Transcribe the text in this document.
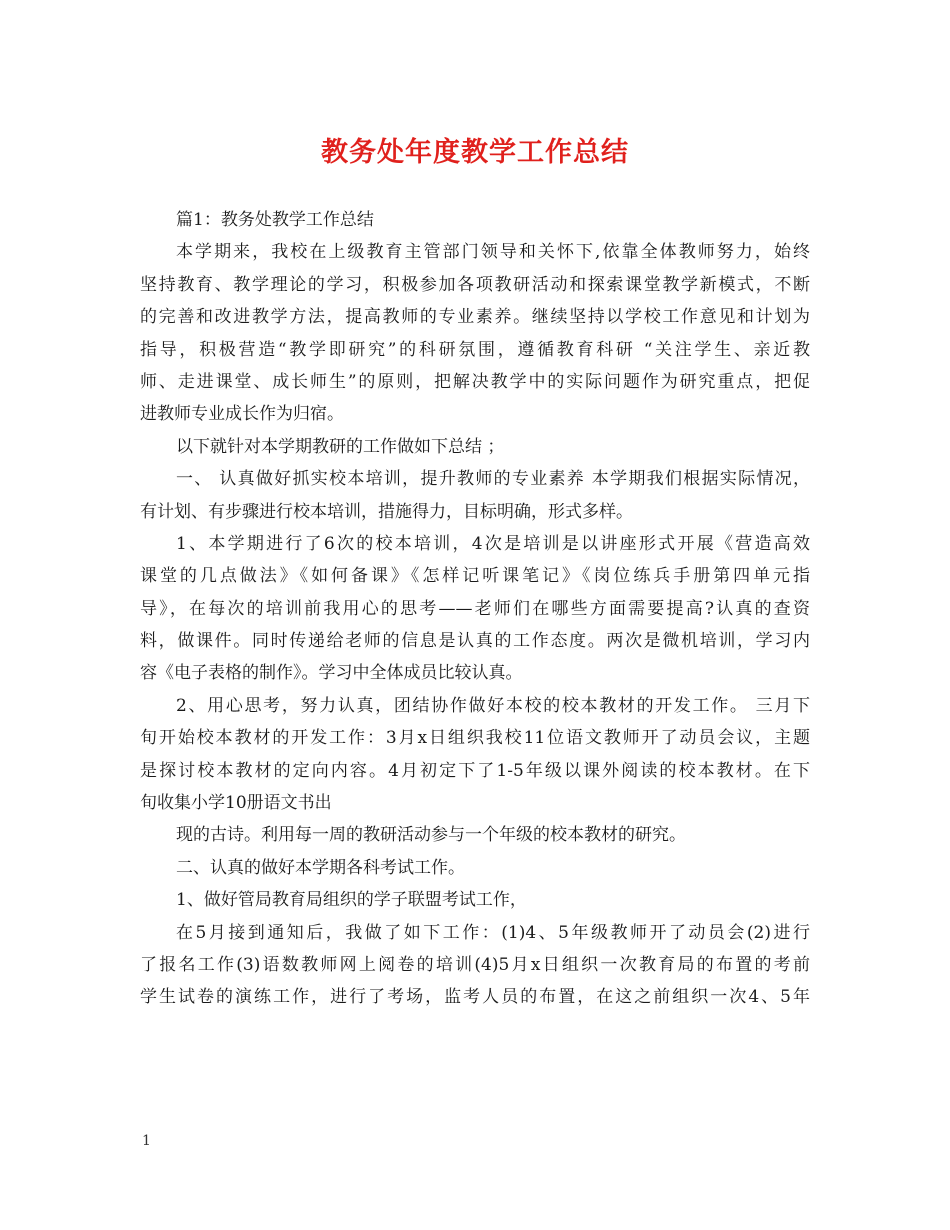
教务处年度教学工作总结
篇1：教务处教学工作总结
本学期来，我校在上级教育主管部门领导和关怀下,依靠全体教师努力，始终
坚持教育、教学理论的学习，积极参加各项教研活动和探索课堂教学新模式，不断
的完善和改进教学方法，提高教师的专业素养。继续坚持以学校工作意见和计划为
指导，积极营造“教学即研究”的科研氛围，遵循教育科研 “关注学生、亲近教
师、走进课堂、成长师生”的原则，把解决教学中的实际问题作为研究重点，把促
进教师专业成长作为归宿。
以下就针对本学期教研的工作做如下总结 ；
一、 认真做好抓实校本培训，提升教师的专业素养 本学期我们根据实际情况，
有计划、有步骤进行校本培训，措施得力，目标明确，形式多样。
1、本学期进行了6次的校本培训，4次是培训是以讲座形式开展《营造高效
课堂的几点做法》《如何备课》《怎样记听课笔记》《岗位练兵手册第四单元指
导》，在每次的培训前我用心的思考——老师们在哪些方面需要提高?认真的查资
料，做课件。同时传递给老师的信息是认真的工作态度。两次是微机培训，学习内
容《电子表格的制作》。学习中全体成员比较认真。
2、用心思考，努力认真，团结协作做好本校的校本教材的开发工作。 三月下
旬开始校本教材的开发工作：3月x日组织我校11位语文教师开了动员会议，主题
是探讨校本教材的定向内容。4月初定下了1-5年级以课外阅读的校本教材。在下
旬收集小学10册语文书出
现的古诗。利用每一周的教研活动参与一个年级的校本教材的研究。
二、认真的做好本学期各科考试工作。
1、做好管局教育局组织的学子联盟考试工作，
在5月接到通知后，我做了如下工作：(1)4、5年级教师开了动员会(2)进行
了报名工作(3)语数教师网上阅卷的培训(4)5月x日组织一次教育局的布置的考前
学生试卷的演练工作，进行了考场，监考人员的布置，在这之前组织一次4、5年
1
